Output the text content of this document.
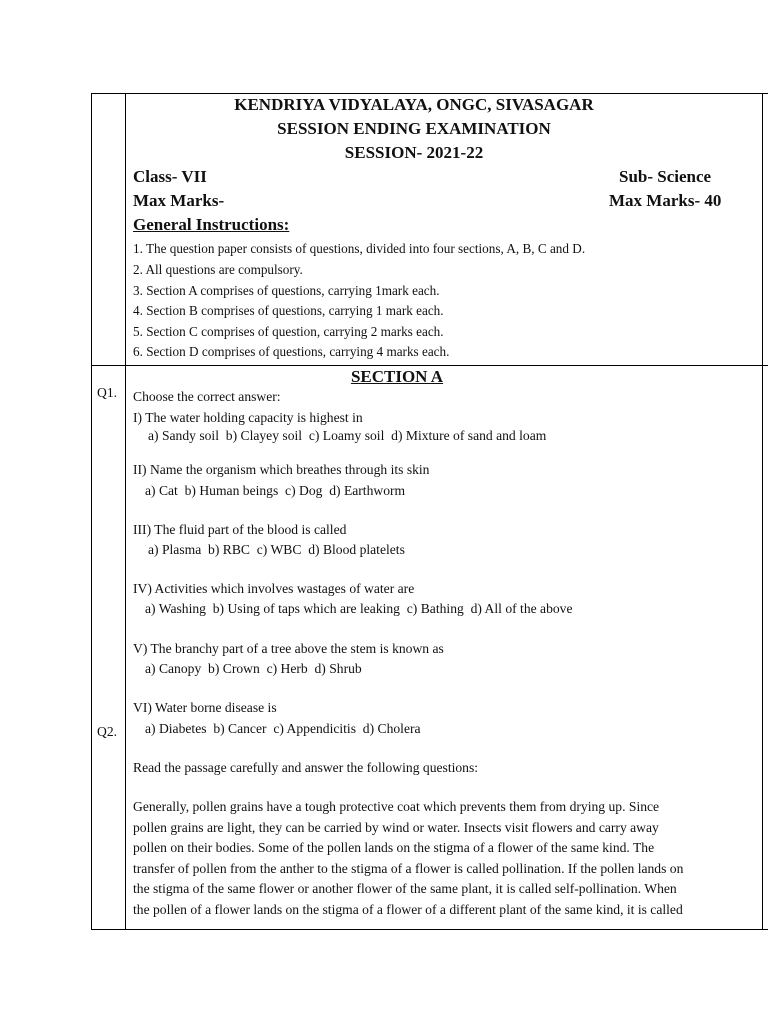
KENDRIYA VIDYALAYA, ONGC, SIVASAGAR
SESSION ENDING EXAMINATION
SESSION- 2021-22
Class- VII	Sub- Science
Max Marks-	Max Marks- 40
General Instructions:
1. The question paper consists of questions, divided into four sections, A, B, C and D.
2. All questions are compulsory.
3. Section A comprises of questions, carrying 1mark each.
4. Section B comprises of questions, carrying 1 mark each.
5. Section C comprises of question, carrying 2 marks each.
6. Section D comprises of questions, carrying 4 marks each.
SECTION A
Q1. Choose the correct answer:
I) The water holding capacity is highest in
a) Sandy soil  b) Clayey soil  c) Loamy soil  d) Mixture of sand and loam
II) Name the organism which breathes through its skin
a) Cat  b) Human beings  c) Dog  d) Earthworm
III) The fluid part of the blood is called
a) Plasma  b) RBC  c) WBC  d) Blood platelets
IV) Activities which involves wastages of water are
a) Washing  b) Using of taps which are leaking  c) Bathing  d) All of the above
V) The branchy part of a tree above the stem is known as
a) Canopy  b) Crown  c) Herb  d) Shrub
VI) Water borne disease is
Q2. a) Diabetes  b) Cancer  c) Appendicitis  d) Cholera
Read the passage carefully and answer the following questions:
Generally, pollen grains have a tough protective coat which prevents them from drying up. Since
pollen grains are light, they can be carried by wind or water. Insects visit flowers and carry away
pollen on their bodies. Some of the pollen lands on the stigma of a flower of the same kind. The
transfer of pollen from the anther to the stigma of a flower is called pollination. If the pollen lands on
the stigma of the same flower or another flower of the same plant, it is called self-pollination. When
the pollen of a flower lands on the stigma of a flower of a different plant of the same kind, it is called
